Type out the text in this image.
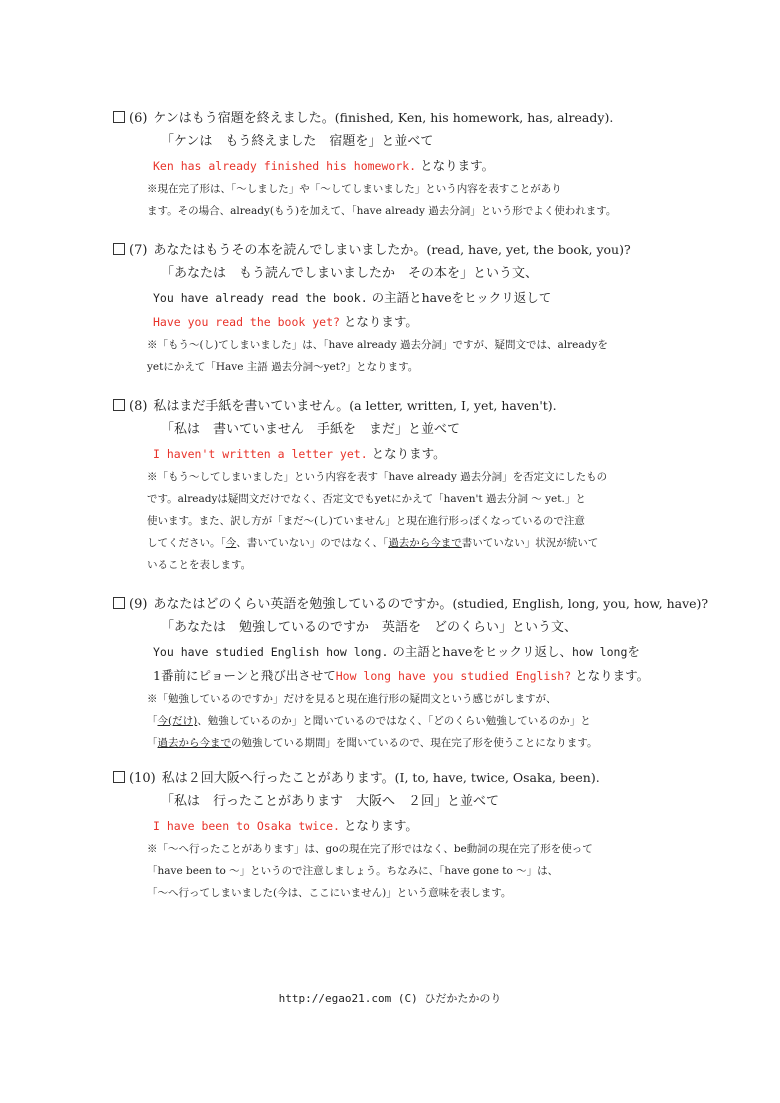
(6) ケンはもう宿題を終えました。(finished, Ken, his homework, has, already).
「ケンは　もう終えました　宿題を」と並べて
Ken has already finished his homework. となります。
※現在完了形は、「～しました」や「～してしまいました」という内容を表すことがあり
ます。その場合、already(もう)を加えて、「have already 過去分詞」という形でよく使われます。
(7) あなたはもうその本を読んでしまいましたか。(read, have, yet, the book, you)?
「あなたは　もう読んでしまいましたか　その本を」という文、
You have already read the book. の主語とhaveをヒックリ返して
Have you read the book yet? となります。
※「もう～(し)てしまいました」は、「have already 過去分詞」ですが、疑問文では、alreadyを
yetにかえて「Have 主語 過去分詞～yet?」となります。
(8) 私はまだ手紙を書いていません。(a letter, written, I, yet, haven't).
「私は　書いていません　手紙を　まだ」と並べて
I haven't written a letter yet. となります。
※「もう～してしまいました」という内容を表す「have already 過去分詞」を否定文にしたもの
です。alreadyは疑問文だけでなく、否定文でもyetにかえて「haven't 過去分詞 ～ yet.」と
使います。また、訳し方が「まだ～(し)ていません」と現在進行形っぽくなっているので注意
してください。「今、書いていない」のではなく、「過去から今まで書いていない」状況が続いて
いることを表します。
(9) あなたはどのくらい英語を勉強しているのですか。(studied, English, long, you, how, have)?
「あなたは　勉強しているのですか　英語を　どのくらい」という文、
You have studied English how long. の主語とhaveをヒックリ返し、how longを
1番前にピョーンと飛び出させてHow long have you studied English? となります。
※「勉強しているのですか」だけを見ると現在進行形の疑問文という感じがしますが、
「今(だけ)、勉強しているのか」と聞いているのではなく、「どのくらい勉強しているのか」と
「過去から今までの勉強している期間」を聞いているので、現在完了形を使うことになります。
(10) 私は２回大阪へ行ったことがあります。(I, to, have, twice, Osaka, been).
「私は　行ったことがあります　大阪へ　２回」と並べて
I have been to Osaka twice. となります。
※「～へ行ったことがあります」は、goの現在完了形ではなく、be動詞の現在完了形を使って
「have been to ～」というので注意しましょう。ちなみに、「have gone to ～」は、
「～へ行ってしまいました(今は、ここにいません)」という意味を表します。
http://egao21.com (C) ひだかたかのり
